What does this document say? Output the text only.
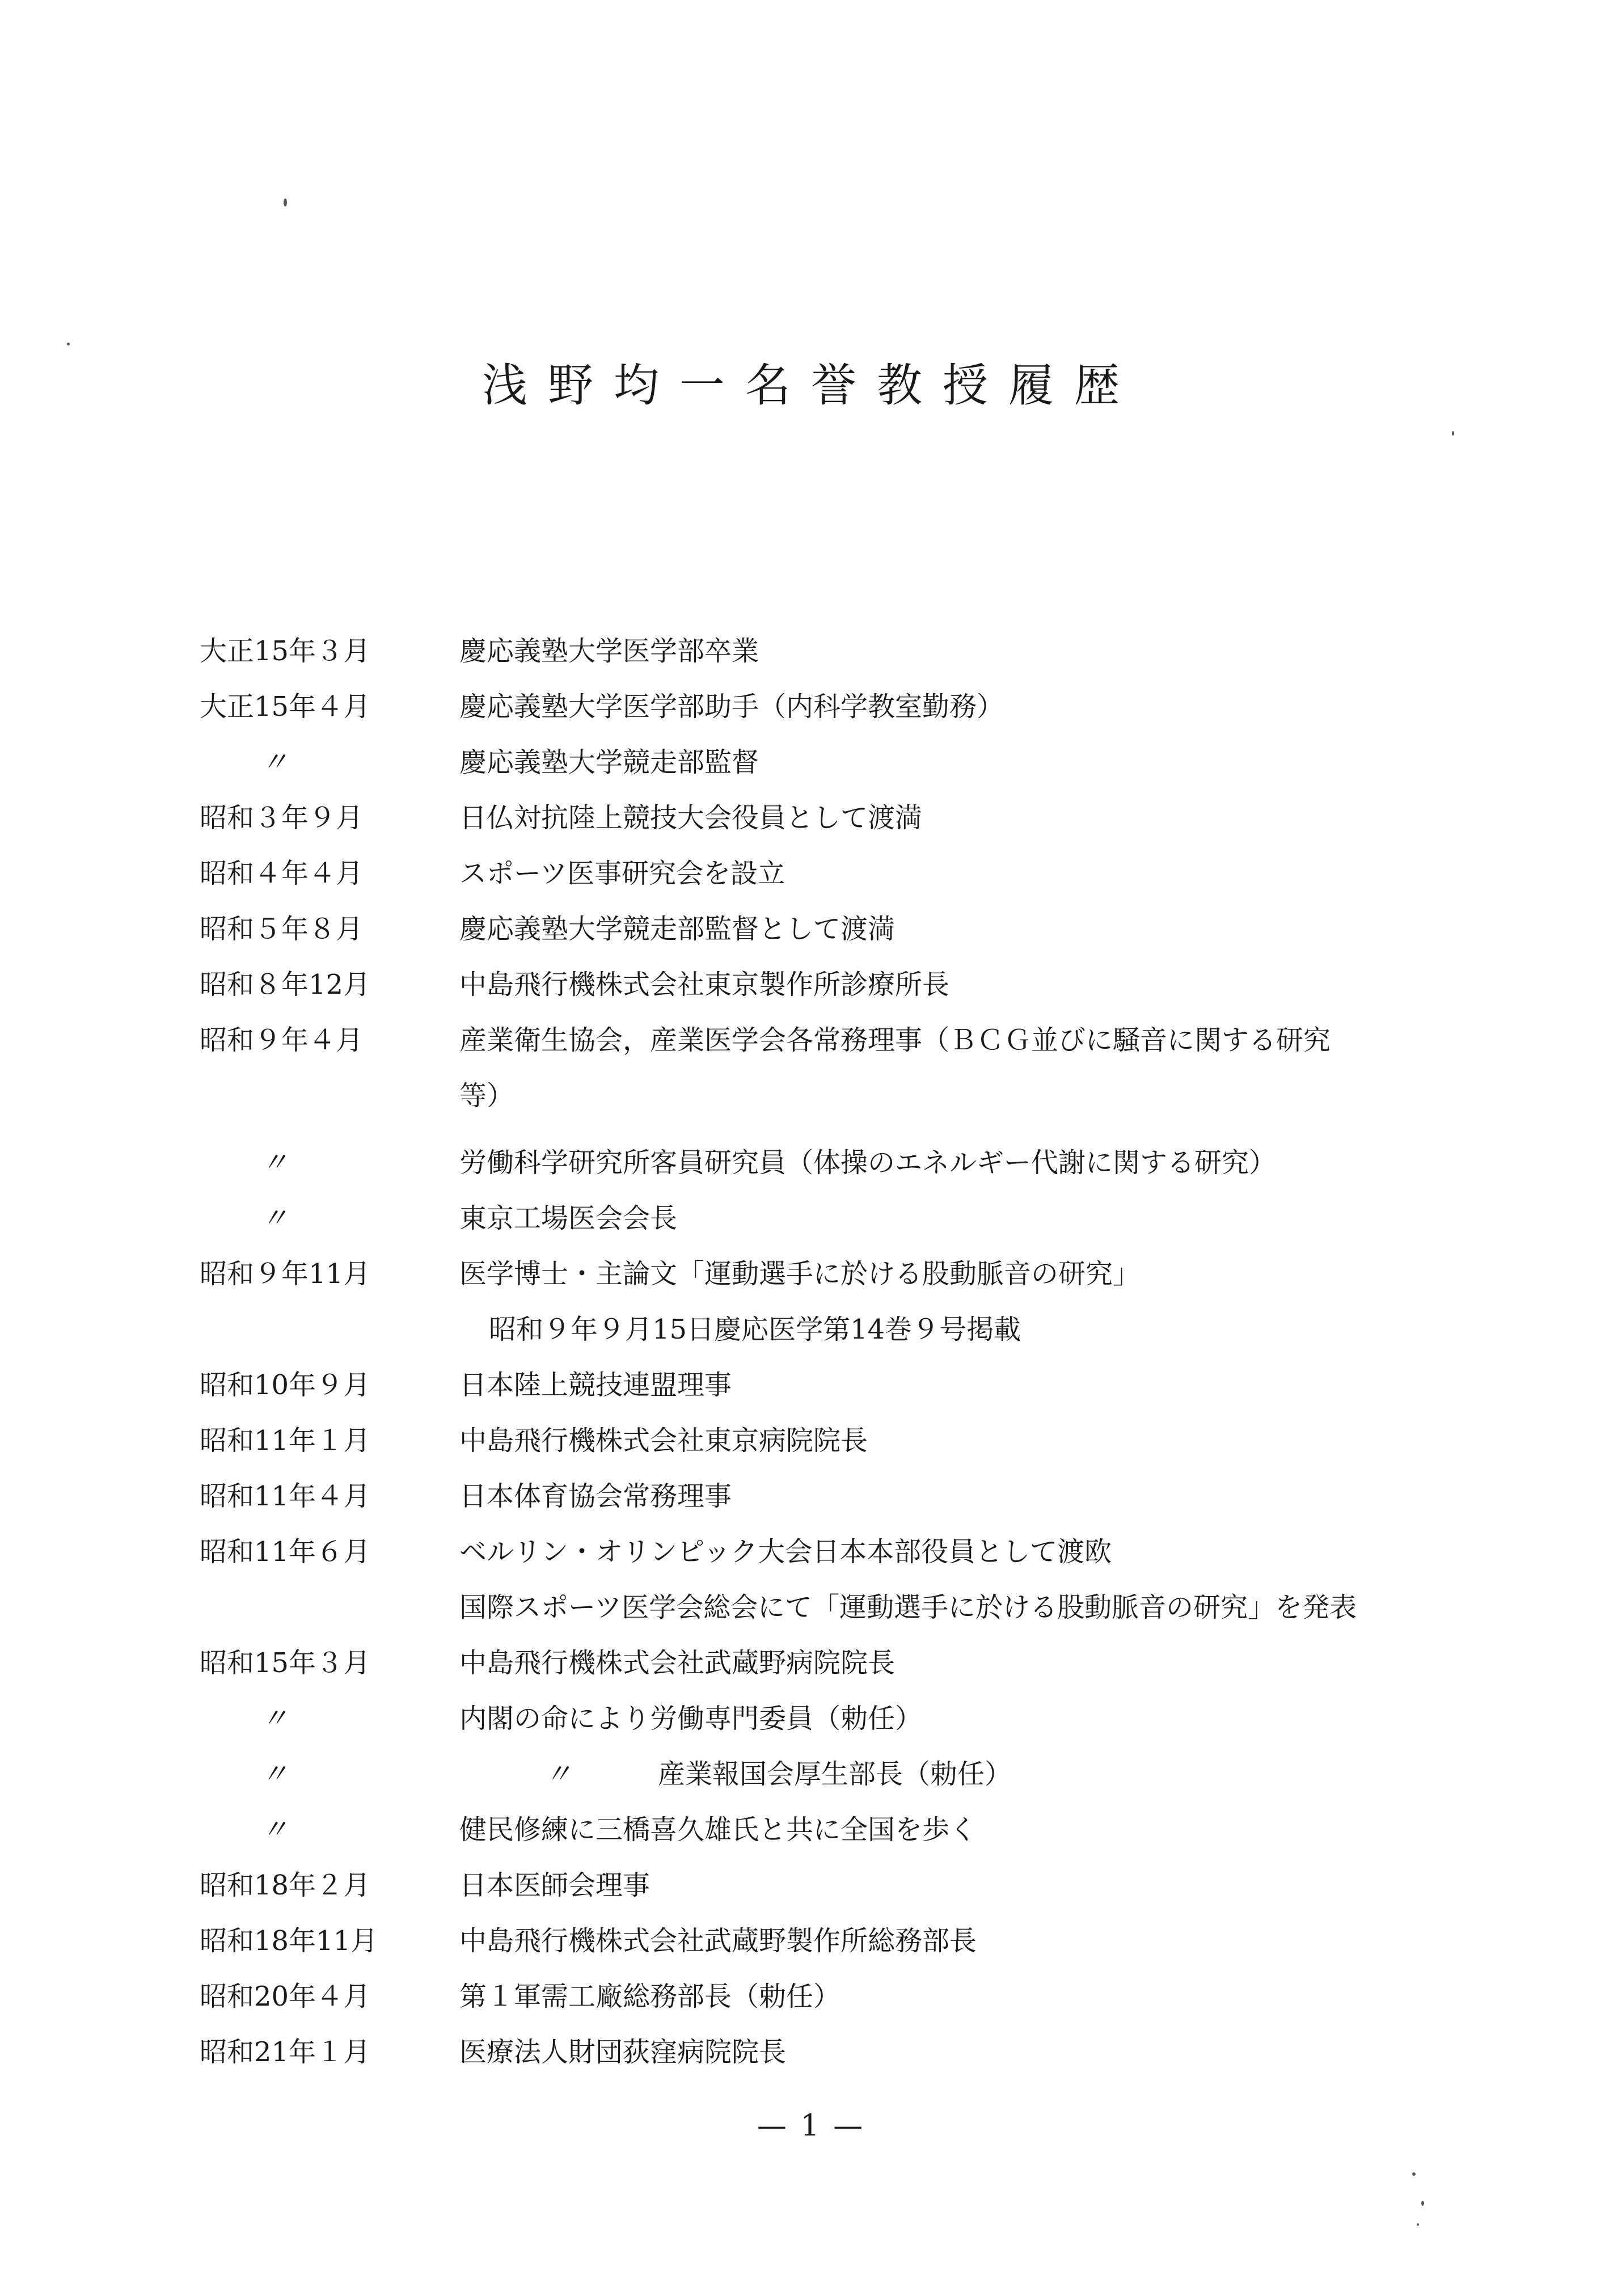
浅野均一名誉教授履歴
大正15年３月	慶応義塾大学医学部卒業
大正15年４月	慶応義塾大学医学部助手（内科学教室勤務）
〃	慶応義塾大学競走部監督
昭和３年９月	日仏対抗陸上競技大会役員として渡満
昭和４年４月	スポーツ医事研究会を設立
昭和５年８月	慶応義塾大学競走部監督として渡満
昭和８年12月	中島飛行機株式会社東京製作所診療所長
昭和９年４月	産業衛生協会，産業医学会各常務理事（ＢＣＧ並びに騒音に関する研究
等）
〃	労働科学研究所客員研究員（体操のエネルギー代謝に関する研究）
〃	東京工場医会会長
昭和９年11月	医学博士・主論文「運動選手に於ける股動脈音の研究」
昭和９年９月15日慶応医学第14巻９号掲載
昭和10年９月	日本陸上競技連盟理事
昭和11年１月	中島飛行機株式会社東京病院院長
昭和11年４月	日本体育協会常務理事
昭和11年６月	ベルリン・オリンピック大会日本本部役員として渡欧
国際スポーツ医学会総会にて「運動選手に於ける股動脈音の研究」を発表
昭和15年３月	中島飛行機株式会社武蔵野病院院長
〃	内閣の命により労働専門委員（勅任）
〃	〃	産業報国会厚生部長（勅任）
〃	健民修練に三橋喜久雄氏と共に全国を歩く
昭和18年２月	日本医師会理事
昭和18年11月	中島飛行機株式会社武蔵野製作所総務部長
昭和20年４月	第１軍需工廠総務部長（勅任）
昭和21年１月	医療法人財団荻窪病院院長
— 1 —
